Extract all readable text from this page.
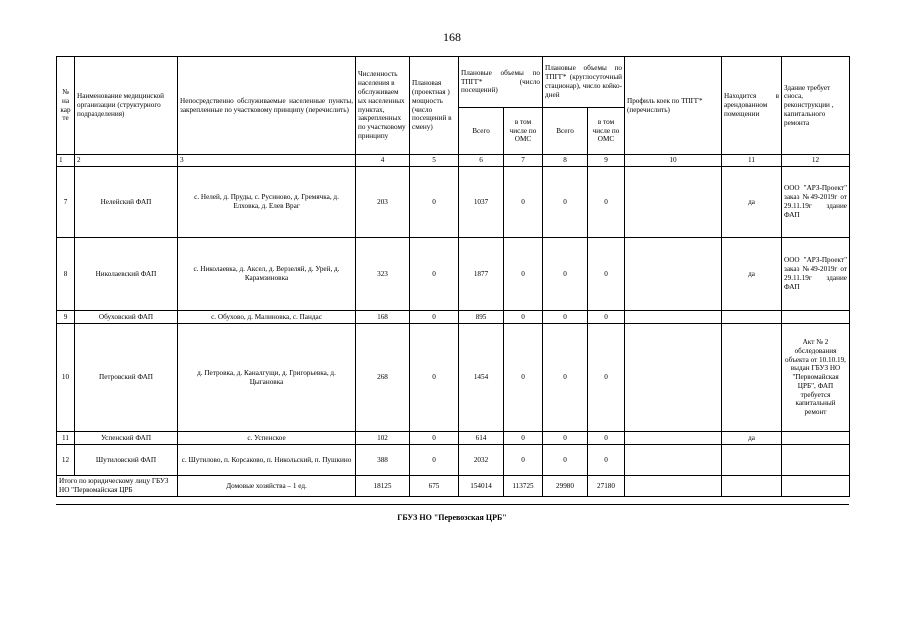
168
№ на кар те	Наименование медицинской организации (структурного подразделения)	Непосредственно обслуживаемые населенные пункты, закрепленные по участковому принципу (перечислить)	Численность населения в обслуживаем ых населенных пунктах, закрепленных по участковому принципу	Плановая (проектная ) мощность (число посещений в смену)	Плановые объемы по ТПГГ* (число посещений)		Плановые объемы по ТПГГ* (круглосуточный стационар), число койко-дней		Профиль коек по ТПГГ* (перечислить)	Находится в арендованном помещении	Здание требует сноса, реконструкции , капитального ремонта
					Всего	в том числе по ОМС	Всего	в том числе по ОМС			
1	2	3	4	5	6	7	8	9	10	11	12
7	Нелейский ФАП	с. Нелей, д. Пруды, с. Русиново, д. Гремячка, д. Елховка, д. Елев Враг	203	0	1037	0	0	0		да	ООО "АРЗ-Проект" заказ №49-2019г от 29.11.19г здание ФАП
8	Николаевский ФАП	с. Николаевка, д. Аксел, д. Верзеляй, д. Урей, д. Карамзиновка	323	0	1877	0	0	0		да	ООО "АРЗ-Проект" заказ №49-2019г от 29.11.19г здание ФАП
9	Обуховский ФАП	с. Обухово, д. Малиновка, с. Пандас	168	0	895	0	0	0			
10	Петровский ФАП	д. Петровка, д. Каналгущи, д. Григорьевка, д. Цыгановка	268	0	1454	0	0	0			Акт № 2 обследования объекта от 10.10.19, выдан ГБУЗ НО "Первомайская ЦРБ", ФАП требуется капитальный ремонт
11	Успенский ФАП	с. Успенское	102	0	614	0	0	0		да	
12	Шутиловский ФАП	с. Шутилово, п. Корсаково, п. Никольский, п. Пушкино	388	0	2032	0	0	0			
Итого по юридическому лицу ГБУЗ НО "Первомайская ЦРБ		Домовые хозяйства – 1 ед.	18125	675	154014	113725	29980	27180			
ГБУЗ НО "Перевозская ЦРБ"
